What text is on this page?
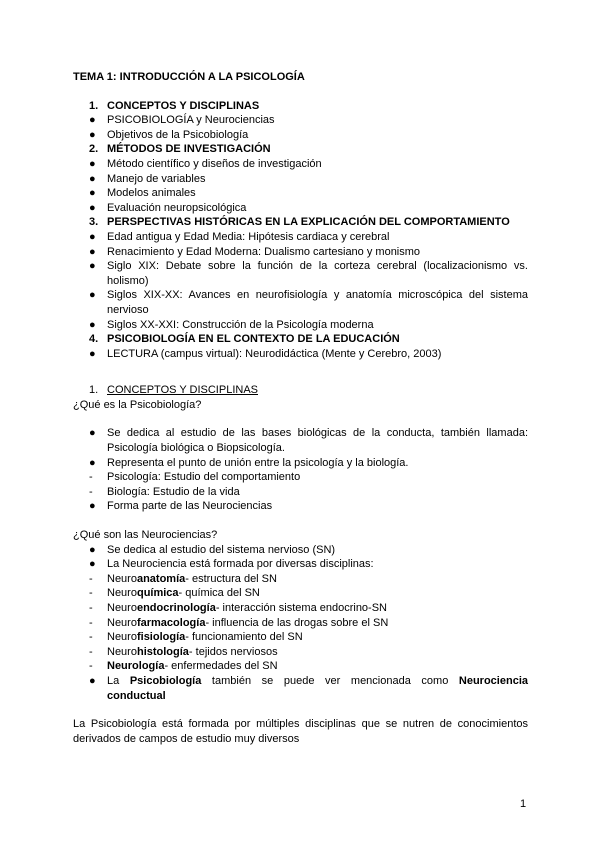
TEMA 1: INTRODUCCIÓN A LA PSICOLOGÍA

1. CONCEPTOS Y DISCIPLINAS
● PSICOBIOLOGÍA y Neurociencias
● Objetivos de la Psicobiología
2. MÉTODOS DE INVESTIGACIÓN
● Método científico y diseños de investigación
● Manejo de variables
● Modelos animales
● Evaluación neuropsicológica
3. PERSPECTIVAS HISTÓRICAS EN LA EXPLICACIÓN DEL COMPORTAMIENTO
● Edad antigua y Edad Media: Hipótesis cardiaca y cerebral
● Renacimiento y Edad Moderna: Dualismo cartesiano y monismo
● Siglo XIX: Debate sobre la función de la corteza cerebral (localizacionismo vs. holismo)
● Siglos XIX-XX: Avances en neurofisiología y anatomía microscópica del sistema nervioso
● Siglos XX-XXI: Construcción de la Psicología moderna
4. PSICOBIOLOGÍA EN EL CONTEXTO DE LA EDUCACIÓN
● LECTURA (campus virtual): Neurodidáctica (Mente y Cerebro, 2003)
1. CONCEPTOS Y DISCIPLINAS

¿Qué es la Psicobiología?

● Se dedica al estudio de las bases biológicas de la conducta, también llamada: Psicología biológica o Biopsicología.
● Representa el punto de unión entre la psicología y la biología.
- Psicología: Estudio del comportamiento
- Biología: Estudio de la vida
● Forma parte de las Neurociencias

¿Qué son las Neurociencias?

● Se dedica al estudio del sistema nervioso (SN)
● La Neurociencia está formada por diversas disciplinas:
- Neuroanatomía- estructura del SN
- Neuroquímica- química del SN
- Neuroendocrinología- interacción sistema endocrino-SN
- Neurofarmacología- influencia de las drogas sobre el SN
- Neurofisiología- funcionamiento del SN
- Neurohistología- tejidos nerviosos
- Neurología- enfermedades del SN
● La Psicobiología también se puede ver mencionada como Neurociencia conductual

La Psicobiología está formada por múltiples disciplinas que se nutren de conocimientos derivados de campos de estudio muy diversos

1
